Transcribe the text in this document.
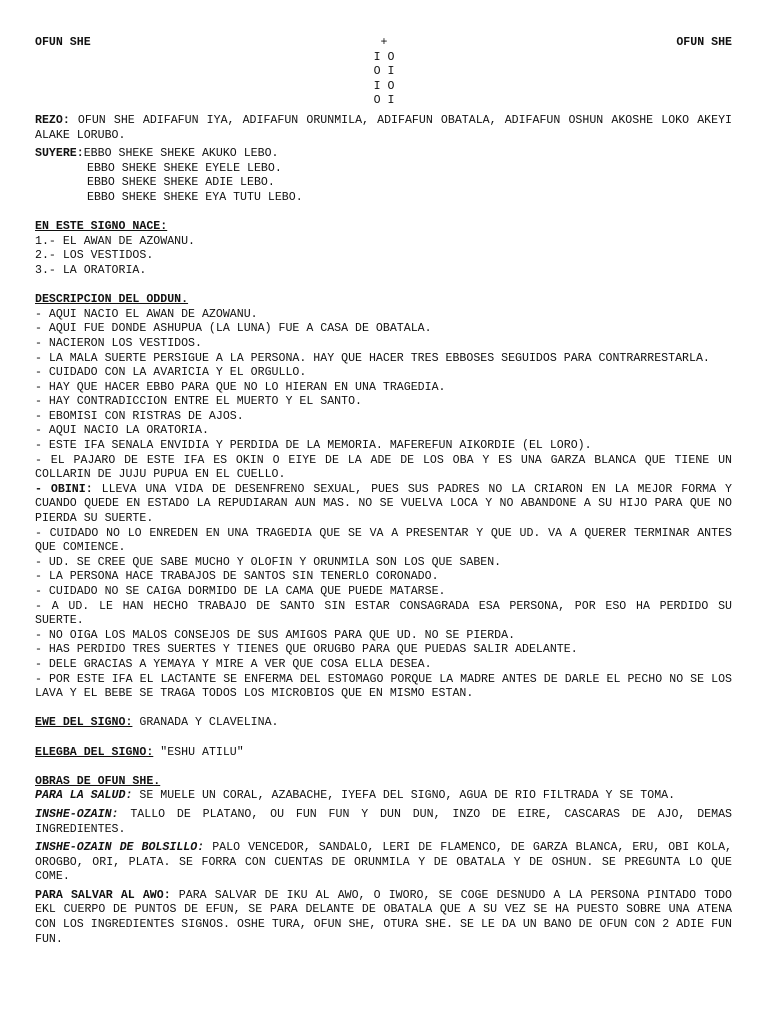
OFUN SHE	+
I O
O I
I O
O I
OFUN SHE

REZO: OFUN SHE ADIFAFUN IYA, ADIFAFUN ORUNMILA, ADIFAFUN OBATALA, ADIFAFUN OSHUN AKOSHE LOKO AKEYI ALAKE LORUBO.

SUYERE:EBBO SHEKE SHEKE AKUKO LEBO.
EBBO SHEKE SHEKE EYELE LEBO.
EBBO SHEKE SHEKE ADIE LEBO.
EBBO SHEKE SHEKE EYA TUTU LEBO.
EN ESTE SIGNO NACE:
1.- EL AWAN DE AZOWANU.
2.- LOS VESTIDOS.
3.- LA ORATORIA.
DESCRIPCION DEL ODDUN.

- AQUI NACIO EL AWAN DE AZOWANU.

- AQUI FUE DONDE ASHUPUA (LA LUNA) FUE A CASA DE OBATALA.

- NACIERON LOS VESTIDOS.

- LA MALA SUERTE PERSIGUE A LA PERSONA. HAY QUE HACER TRES EBBOSES SEGUIDOS PARA CONTRARRESTARLA.

- CUIDADO CON LA AVARICIA Y EL ORGULLO.

- HAY QUE HACER EBBO PARA QUE NO LO HIERAN EN UNA TRAGEDIA.

- HAY CONTRADICCION ENTRE EL MUERTO Y EL SANTO.

- EBOMISI CON RISTRAS DE AJOS.

- AQUI NACIO LA ORATORIA.

- ESTE IFA SENALA ENVIDIA Y PERDIDA DE LA MEMORIA. MAFEREFUN AIKORDIE (EL LORO).

- EL PAJARO DE ESTE IFA ES OKIN O EIYE DE LA ADE DE LOS OBA Y ES UNA GARZA BLANCA QUE TIENE UN COLLARIN DE JUJU PUPUA EN EL CUELLO.

- OBINI: LLEVA UNA VIDA DE DESENFRENO SEXUAL, PUES SUS PADRES NO LA CRIARON EN LA MEJOR FORMA Y CUANDO QUEDE EN ESTADO LA REPUDIARAN AUN MAS. NO SE VUELVA LOCA Y NO ABANDONE A SU HIJO PARA QUE NO PIERDA SU SUERTE.

- CUIDADO NO LO ENREDEN EN UNA TRAGEDIA QUE SE VA A PRESENTAR Y QUE UD. VA A QUERER TERMINAR ANTES QUE COMIENCE.

- UD. SE CREE QUE SABE MUCHO Y OLOFIN Y ORUNMILA SON LOS QUE SABEN.

- LA PERSONA HACE TRABAJOS DE SANTOS SIN TENERLO CORONADO.

- CUIDADO NO SE CAIGA DORMIDO DE LA CAMA QUE PUEDE MATARSE.

- A UD. LE HAN HECHO TRABAJO DE SANTO SIN ESTAR CONSAGRADA ESA PERSONA, POR ESO HA PERDIDO SU SUERTE.

- NO OIGA LOS MALOS CONSEJOS DE SUS AMIGOS PARA QUE UD. NO SE PIERDA.

- HAS PERDIDO TRES SUERTES Y TIENES QUE ORUGBO PARA QUE PUEDAS SALIR ADELANTE.

- DELE GRACIAS A YEMAYA Y MIRE A VER QUE COSA ELLA DESEA.

- POR ESTE IFA EL LACTANTE SE ENFERMA DEL ESTOMAGO PORQUE LA MADRE ANTES DE DARLE EL PECHO NO SE LOS LAVA Y EL BEBE SE TRAGA TODOS LOS MICROBIOS QUE EN MISMO ESTAN.

EWE DEL SIGNO: GRANADA Y CLAVELINA.

ELEGBA DEL SIGNO: "ESHU ATILU"

OBRAS DE OFUN SHE.

PARA LA SALUD: SE MUELE UN CORAL, AZABACHE, IYEFA DEL SIGNO, AGUA DE RIO FILTRADA Y SE TOMA.

INSHE-OZAIN: TALLO DE PLATANO, OU FUN FUN Y DUN DUN, INZO DE EIRE, CASCARAS DE AJO, DEMAS INGREDIENTES.

INSHE-OZAIN DE BOLSILLO: PALO VENCEDOR, SANDALO, LERI DE FLAMENCO, DE GARZA BLANCA, ERU, OBI KOLA, OROGBO, ORI, PLATA. SE FORRA CON CUENTAS DE ORUNMILA Y DE OBATALA Y DE OSHUN. SE PREGUNTA LO QUE COME.

PARA SALVAR AL AWO: PARA SALVAR DE IKU AL AWO, O IWORO, SE COGE DESNUDO A LA PERSONA PINTADO TODO EKL CUERPO DE PUNTOS DE EFUN, SE PARA DELANTE DE OBATALA QUE A SU VEZ SE HA PUESTO SOBRE UNA ATENA CON LOS INGREDIENTES SIGNOS. OSHE TURA, OFUN SHE, OTURA SHE. SE LE DA UN BANO DE OFUN CON 2 ADIE FUN FUN.
